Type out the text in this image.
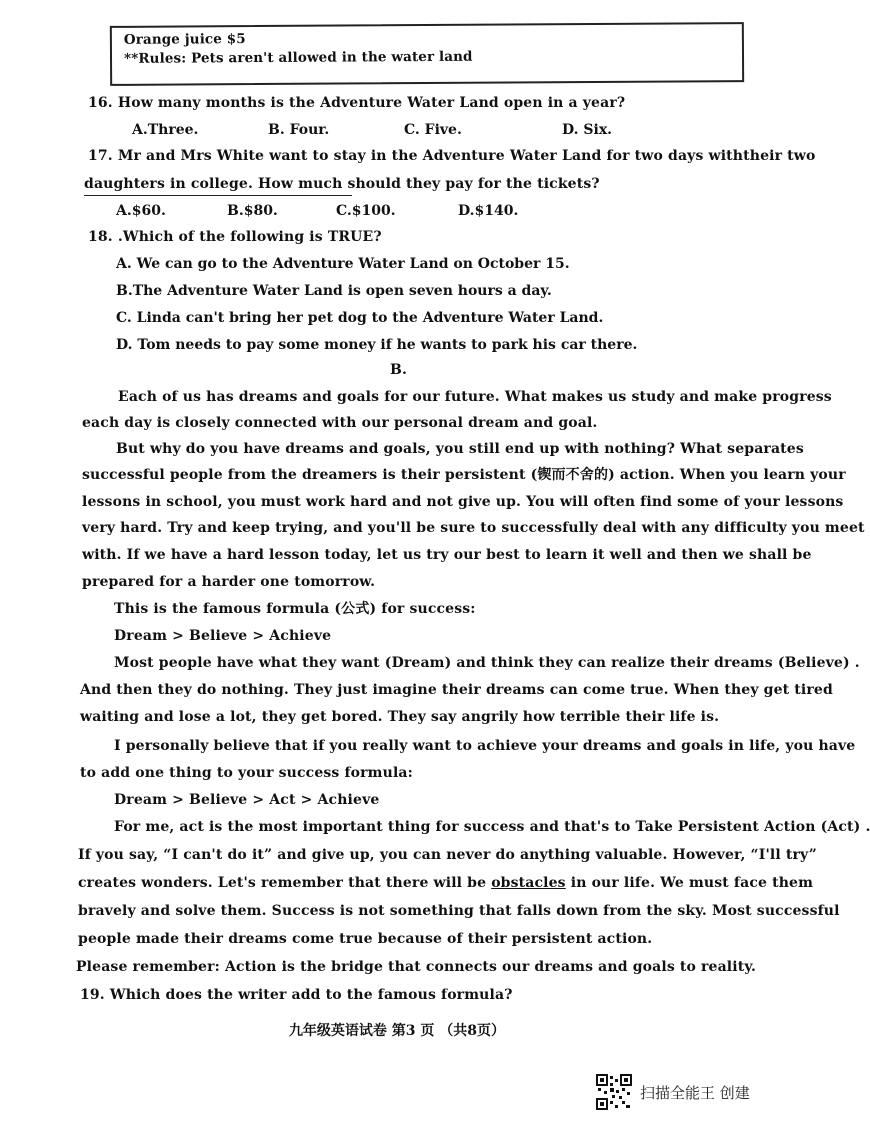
Orange juice $5
**Rules: Pets aren't allowed in the water land
16. How many months is the Adventure Water Land open in a year?
A.Three.	B. Four.	C. Five.	D. Six.
17. Mr and Mrs White want to stay in the Adventure Water Land for two days withtheir two
daughters in college. How much should they pay for the tickets?
A.$60.	B.$80.	C.$100.	D.$140.
18. .Which of the following is TRUE?
A. We can go to the Adventure Water Land on October 15.
B.The Adventure Water Land is open seven hours a day.
C. Linda can't bring her pet dog to the Adventure Water Land.
D. Tom needs to pay some money if he wants to park his car there.
B.
Each of us has dreams and goals for our future. What makes us study and make progress
each day is closely connected with our personal dream and goal.
But why do you have dreams and goals, you still end up with nothing? What separates
successful people from the dreamers is their persistent (锲而不舍的) action. When you learn your
lessons in school, you must work hard and not give up. You will often find some of your lessons
very hard. Try and keep trying, and you'll be sure to successfully deal with any difficulty you meet
with. If we have a hard lesson today, let us try our best to learn it well and then we shall be
prepared for a harder one tomorrow.
This is the famous formula (公式) for success:
Dream > Believe > Achieve
Most people have what they want (Dream) and think they can realize their dreams (Believe) .
And then they do nothing. They just imagine their dreams can come true. When they get tired
waiting and lose a lot, they get bored. They say angrily how terrible their life is.
I personally believe that if you really want to achieve your dreams and goals in life, you have
to add one thing to your success formula:
Dream > Believe > Act > Achieve
For me, act is the most important thing for success and that's to Take Persistent Action (Act) .
If you say, “I can't do it” and give up, you can never do anything valuable. However, “I'll try”
creates wonders. Let's remember that there will be obstacles in our life. We must face them
bravely and solve them. Success is not something that falls down from the sky. Most successful
people made their dreams come true because of their persistent action.
Please remember: Action is the bridge that connects our dreams and goals to reality.
19. Which does the writer add to the famous formula?
九年级英语试卷 第3 页 （共8页）
扫描全能王 创建
